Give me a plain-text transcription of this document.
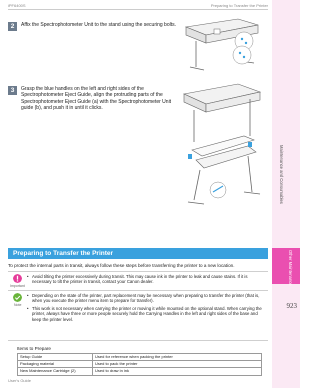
iPF6400S	Preparing to Transfer the Printer
Maintenance and Consumables
Other Maintenance
923
2	Affix the Spectrophotometer Unit to the stand using the securing bolts.
3	Grasp the blue handles on the left and right sides of the Spectrophotometer Eject Guide, align the protruding parts of the Spectrophotometer Eject Guide (a) with the Spectrophotometer Unit guide (b), and push it in until it clicks.
Preparing to Transfer the Printer
To protect the internal parts in transit, always follow these steps before transferring the printer to a new location.
Important
• Avoid tilting the printer excessively during transit. This may cause ink in the printer to leak and cause stains. If it is necessary to tilt the printer in transit, contact your Canon dealer.
Note
• Depending on the state of the printer, part replacement may be necessary when preparing to transfer the printer (that is, when you execute the printer menu item to prepare for transfer).
• This work is not necessary when carrying the printer or moving it while mounted on the optional stand. When carrying the printer, always have three or more people securely hold the Carrying Handles in the left and right sides of the base and keep the printer level.
Items to Prepare
Setup Guide	Used for reference when packing the printer
Packaging material	Used to pack the printer
New Maintenance Cartridge (2)	Used to draw in ink
User's Guide
